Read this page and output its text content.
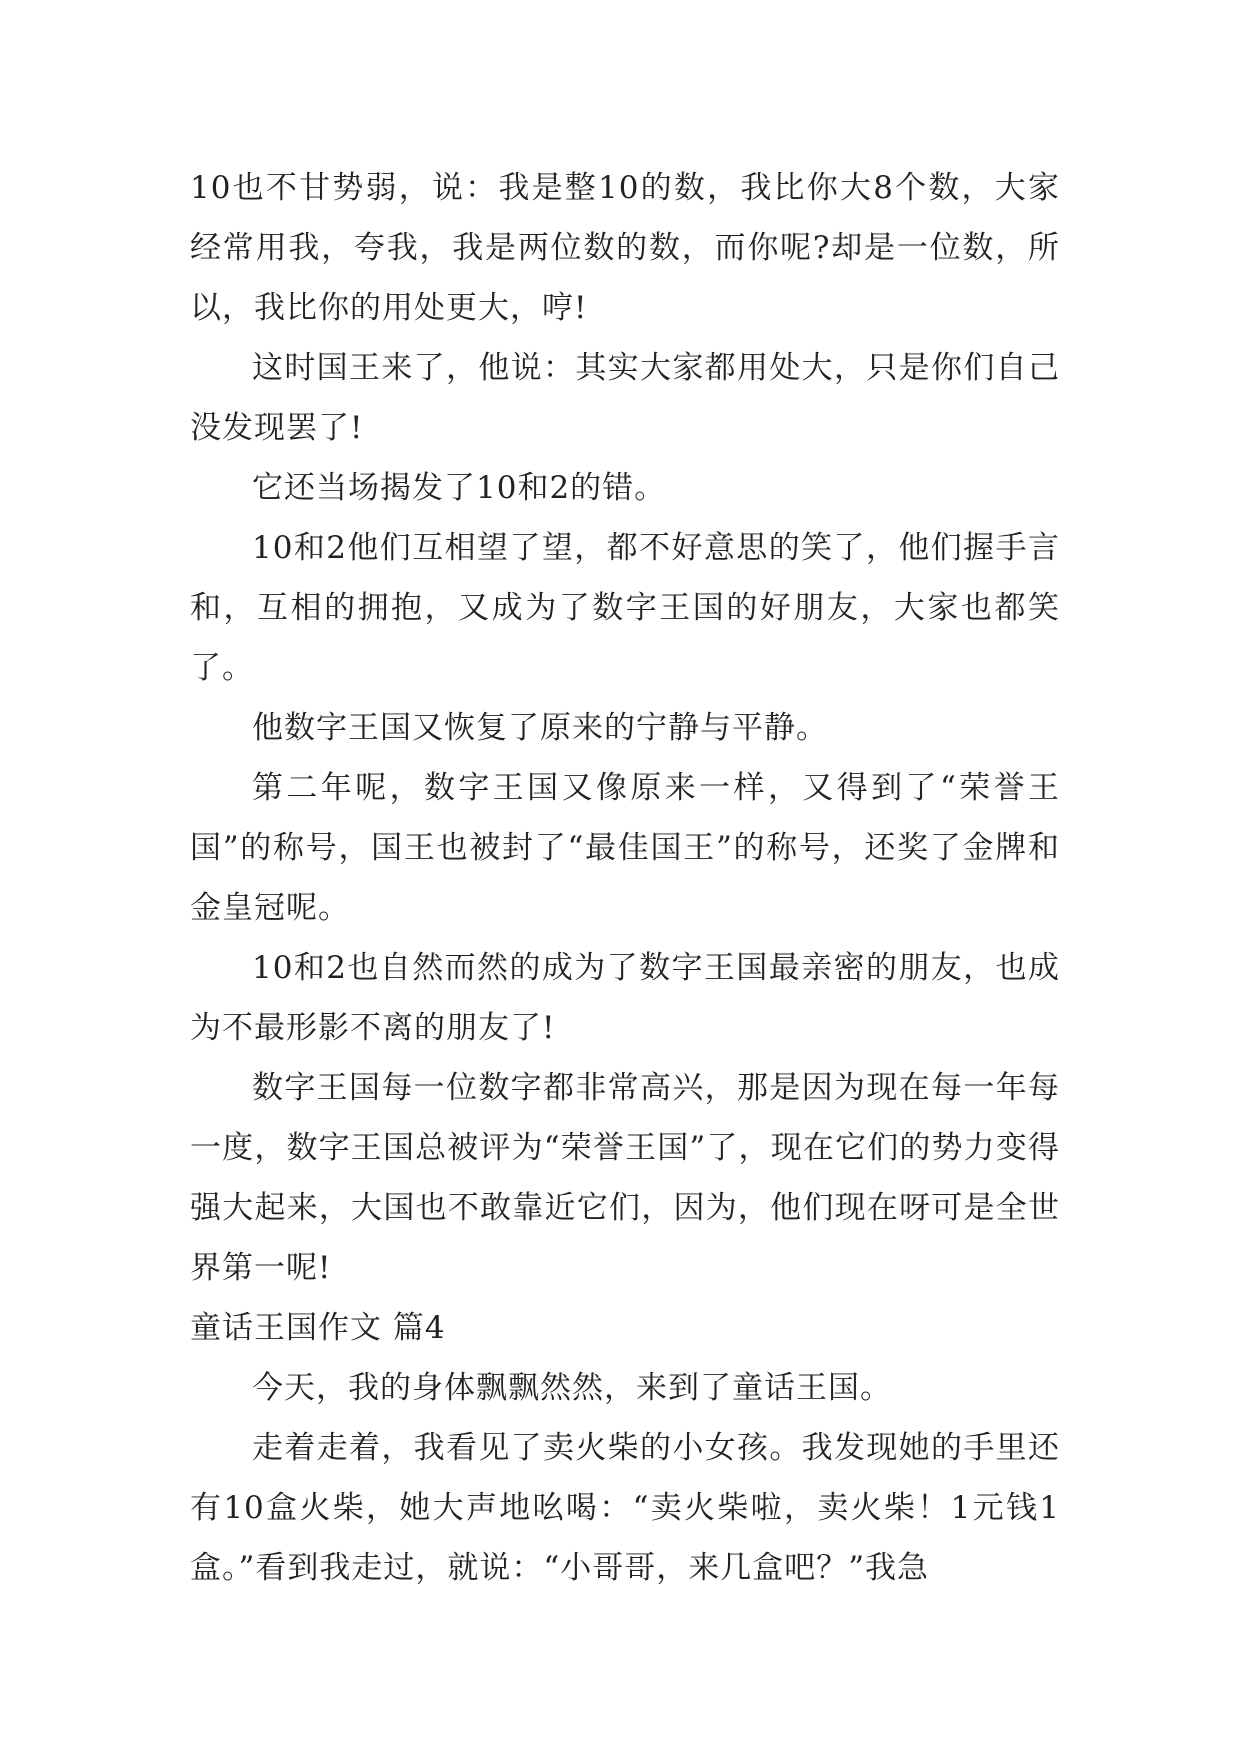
10也不甘势弱，说：我是整10的数，我比你大8个数，大家经常用我，夸我，我是两位数的数，而你呢?却是一位数，所以，我比你的用处更大，哼!

这时国王来了，他说：其实大家都用处大，只是你们自己没发现罢了!

它还当场揭发了10和2的错。

10和2他们互相望了望，都不好意思的笑了，他们握手言和，互相的拥抱，又成为了数字王国的好朋友，大家也都笑了。

他数字王国又恢复了原来的宁静与平静。

第二年呢，数字王国又像原来一样，又得到了“荣誉王国”的称号，国王也被封了“最佳国王”的称号，还奖了金牌和金皇冠呢。

10和2也自然而然的成为了数字王国最亲密的朋友，也成为不最形影不离的朋友了!

数字王国每一位数字都非常高兴，那是因为现在每一年每一度，数字王国总被评为“荣誉王国”了，现在它们的势力变得强大起来，大国也不敢靠近它们，因为，他们现在呀可是全世界第一呢!

童话王国作文 篇4

今天，我的身体飘飘然然，来到了童话王国。

走着走着，我看见了卖火柴的小女孩。我发现她的手里还有10盒火柴，她大声地吆喝：“卖火柴啦，卖火柴！1元钱1盒。”看到我走过，就说：“小哥哥，来几盒吧？”我急
